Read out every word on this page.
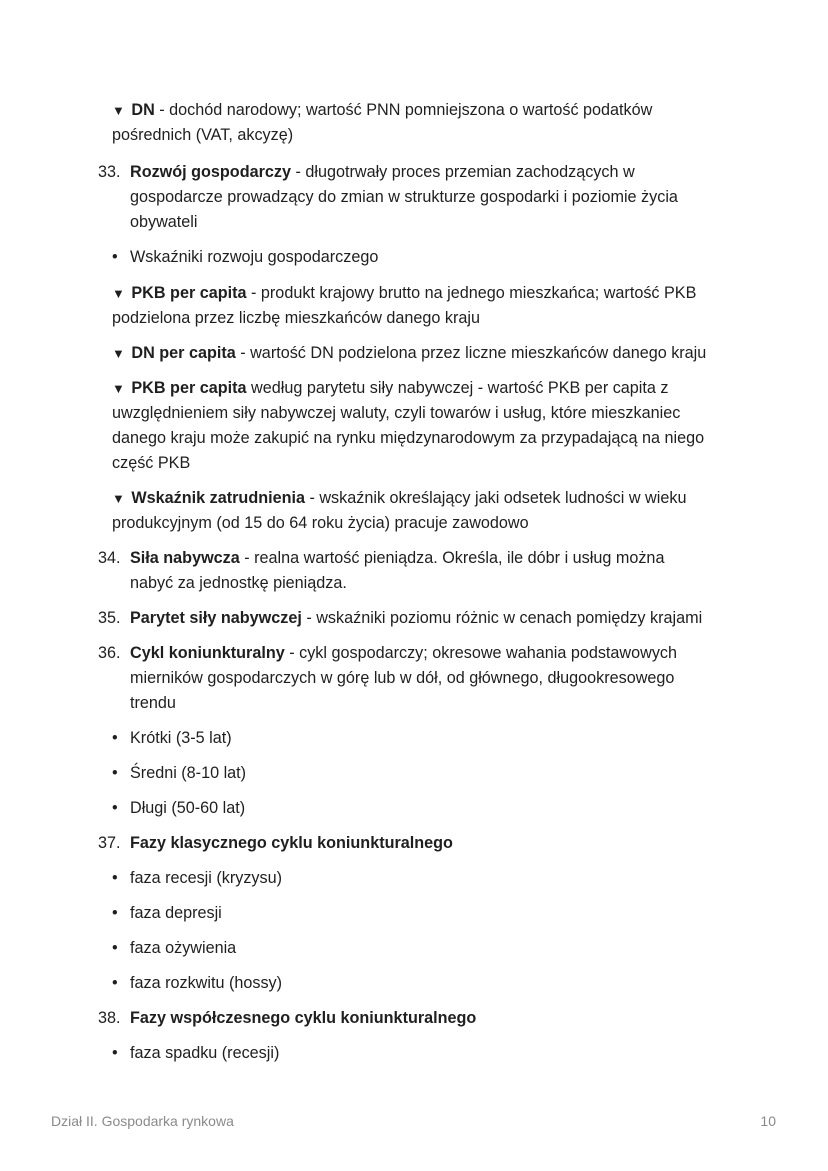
▼ DN - dochód narodowy; wartość PNN pomniejszona o wartość podatków pośrednich (VAT, akcyzę)
33. Rozwój gospodarczy - długotrwały proces przemian zachodzących w
gospodarcze prowadzący do zmian w strukturze gospodarki i poziomie życia
obywateli
• Wskaźniki rozwoju gospodarczego
▼ PKB per capita - produkt krajowy brutto na jednego mieszkańca; wartość PKB podzielona przez liczbę mieszkańców danego kraju
▼ DN per capita - wartość DN podzielona przez liczne mieszkańców danego kraju
▼ PKB per capita według parytetu siły nabywczej - wartość PKB per capita z uwzględnieniem siły nabywczej waluty, czyli towarów i usług, które mieszkaniec danego kraju może zakupić na rynku międzynarodowym za przypadającą na niego część PKB
▼ Wskaźnik zatrudnienia - wskaźnik określający jaki odsetek ludności w wieku produkcyjnym (od 15 do 64 roku życia) pracuje zawodowo
34. Siła nabywcza - realna wartość pieniądza. Określa, ile dóbr i usług można
nabyć za jednostkę pieniądza.
35. Parytet siły nabywczej - wskaźniki poziomu różnic w cenach pomiędzy krajami
36. Cykl koniunkturalny - cykl gospodarczy; okresowe wahania podstawowych
mierników gospodarczych w górę lub w dół, od głównego, długookresowego
trendu
• Krótki (3-5 lat)
• Średni (8-10 lat)
• Długi (50-60 lat)
37. Fazy klasycznego cyklu koniunkturalnego
• faza recesji (kryzysu)
• faza depresji
• faza ożywienia
• faza rozkwitu (hossy)
38. Fazy współczesnego cyklu koniunkturalnego
• faza spadku (recesji)
Dział II. Gospodarka rynkowa	10
